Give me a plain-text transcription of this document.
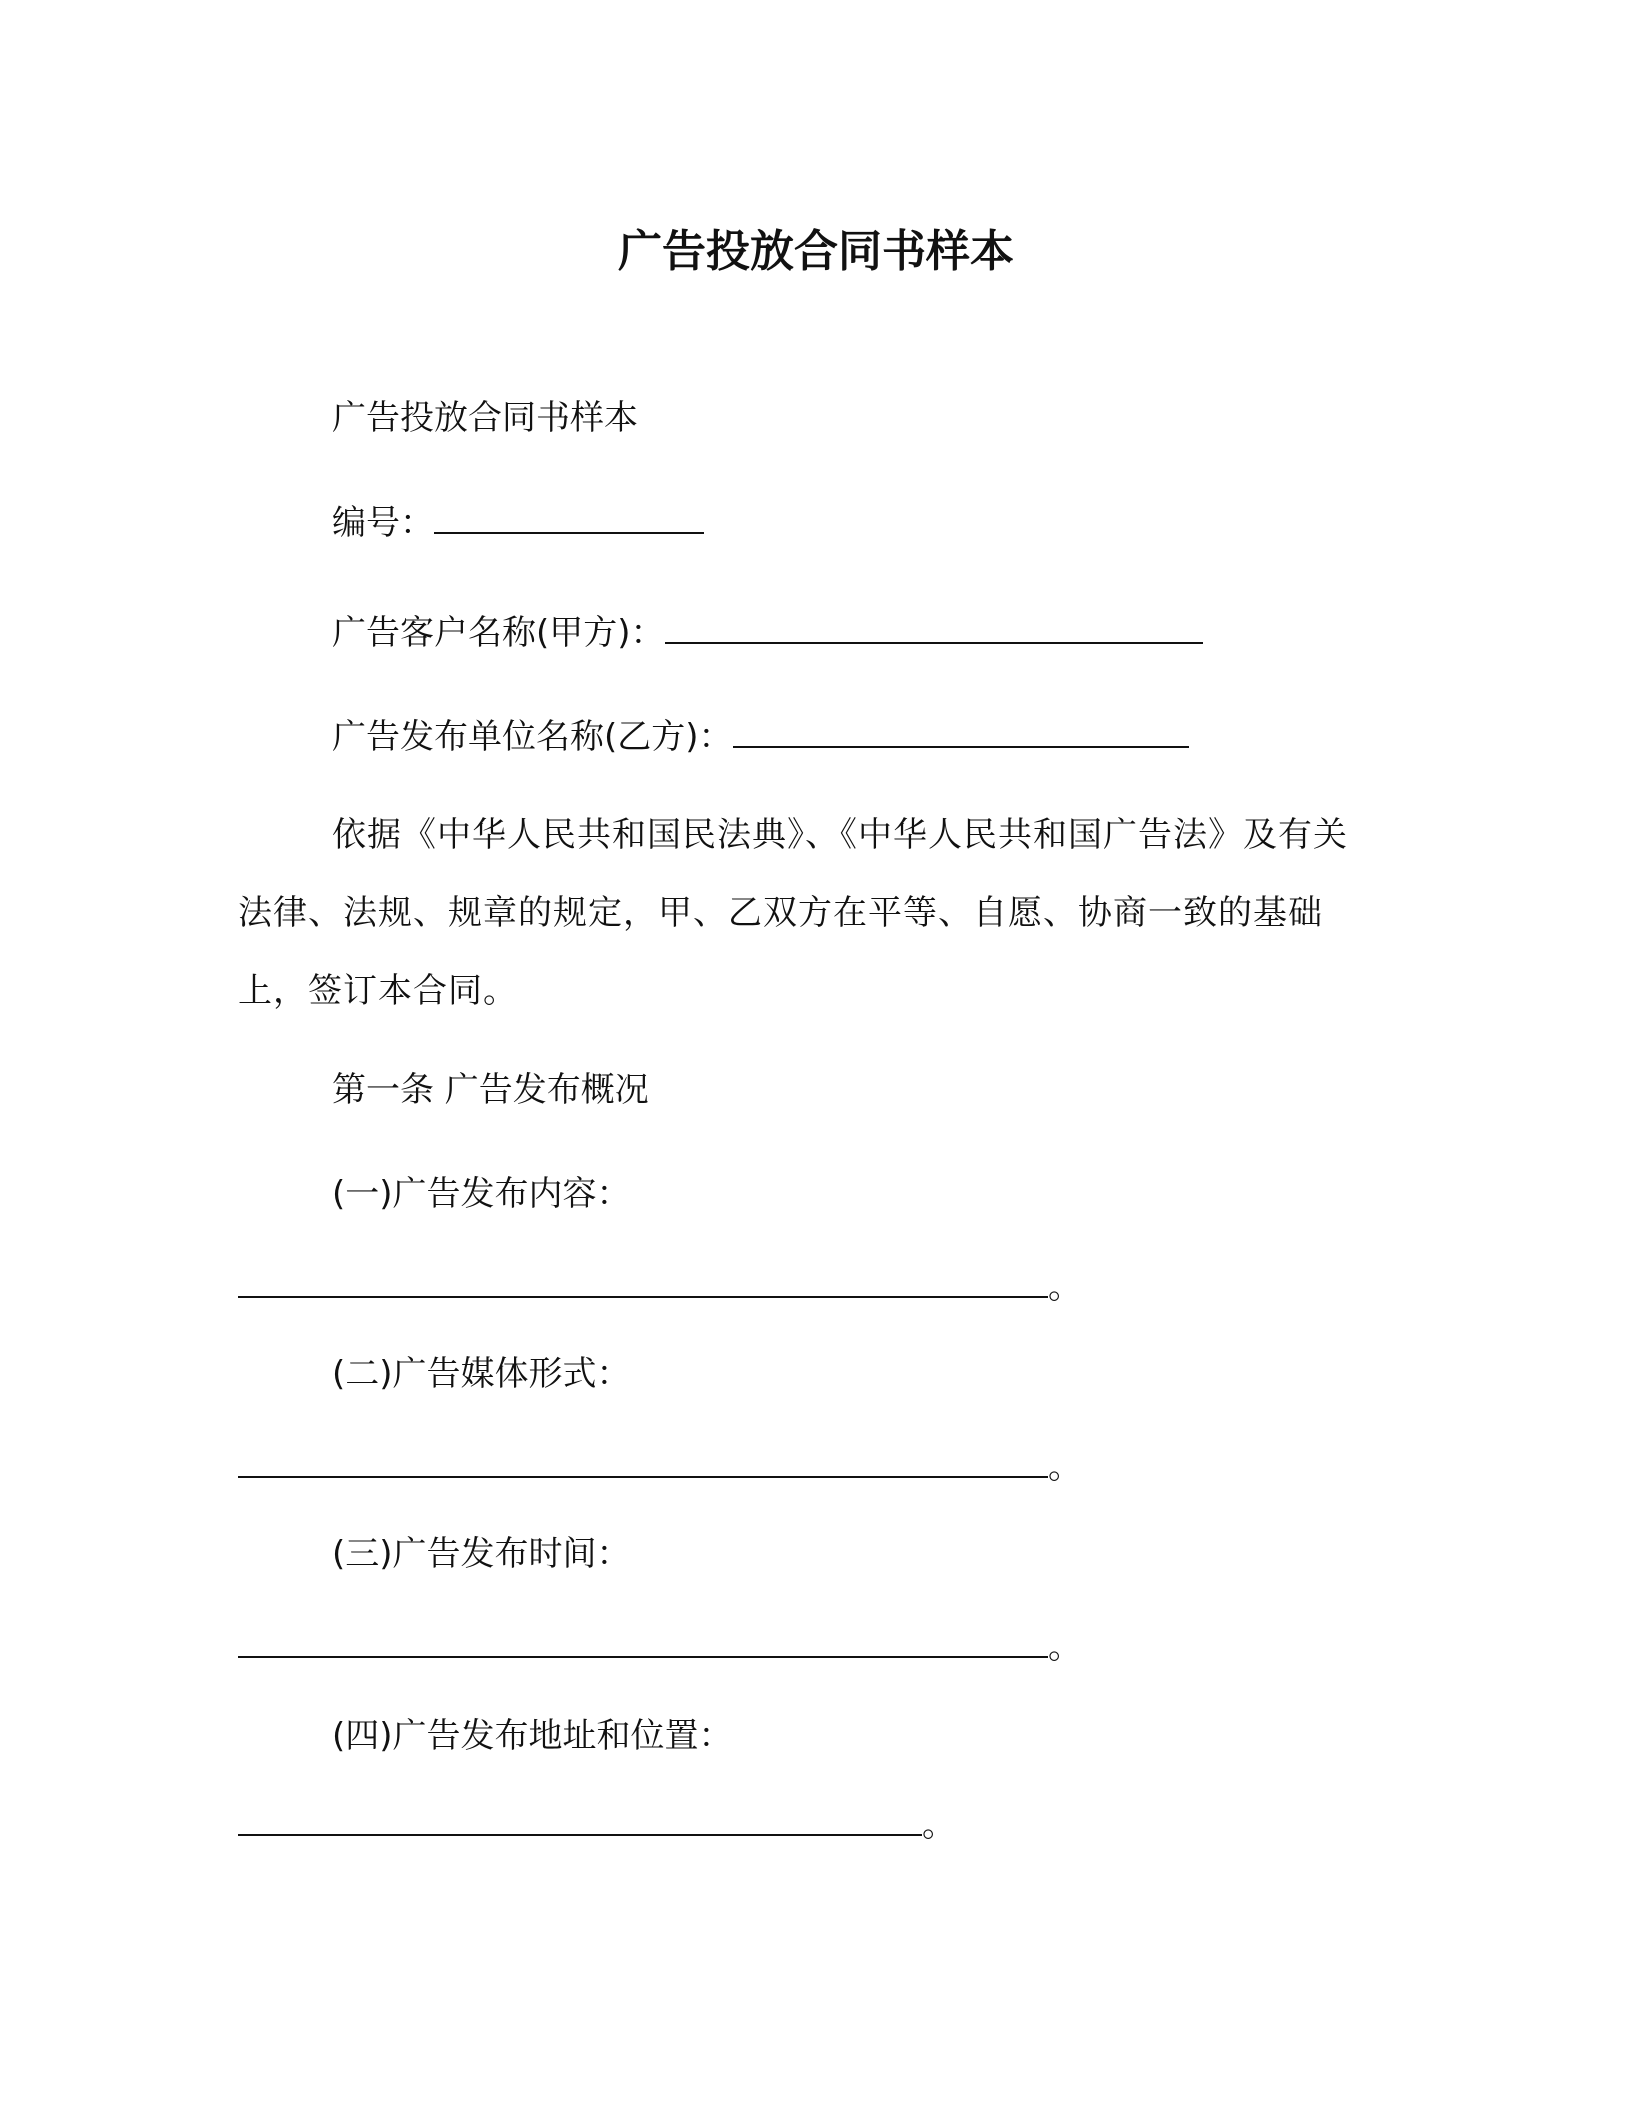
广告投放合同书样本
广告投放合同书样本
编号：
广告客户名称(甲方)：
广告发布单位名称(乙方)：
依据《中华人民共和国民法典》、《中华人民共和国广告法》及有关法律、法规、规章的规定，甲、乙双方在平等、自愿、协商一致的基础上，签订本合同。
第一条 广告发布概况
(一)广告发布内容：
。
(二)广告媒体形式：
。
(三)广告发布时间：
。
(四)广告发布地址和位置：
。
